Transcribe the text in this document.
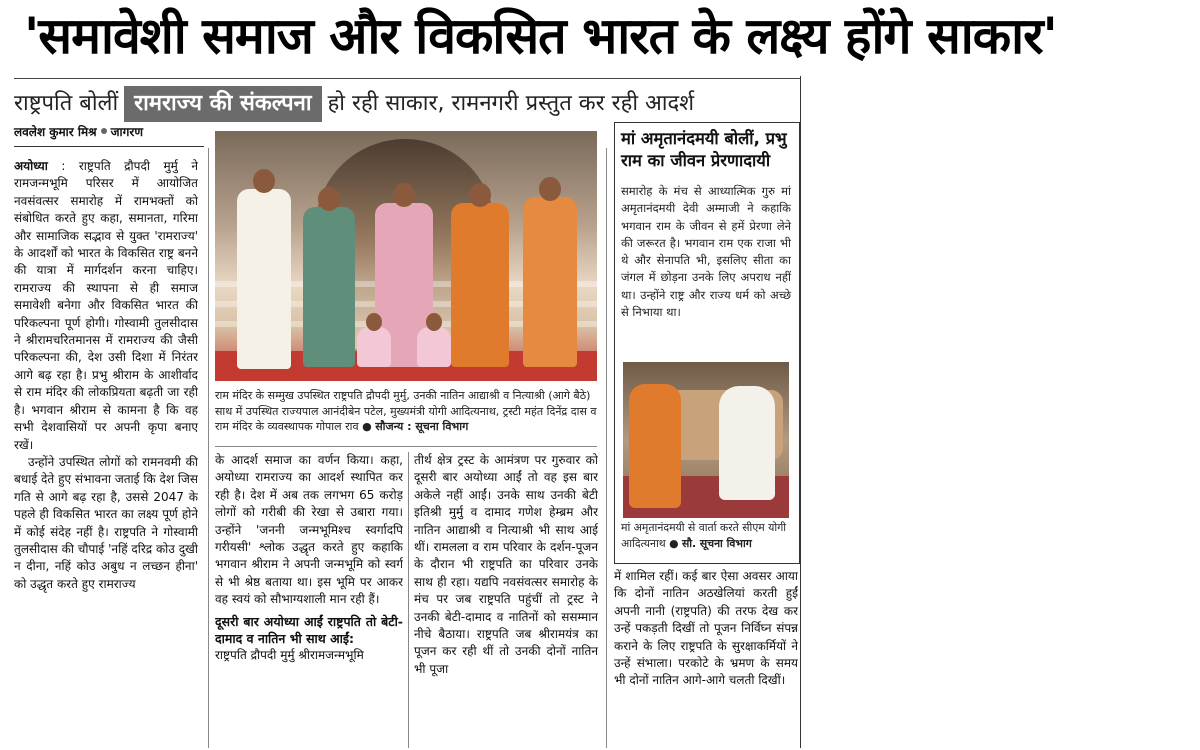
'समावेशी समाज और विकसित भारत के लक्ष्य होंगे साकार'
राष्ट्रपति बोलीं रामराज्य की संकल्पना हो रही साकार, रामनगरी प्रस्तुत कर रही आदर्श
लवलेश कुमार मिश्र जागरण

अयोध्या : राष्ट्रपति द्रौपदी मुर्मु ने रामजन्मभूमि परिसर में आयोजित नवसंवत्सर समारोह में रामभक्तों को संबोधित करते हुए कहा, समानता, गरिमा और सामाजिक सद्भाव से युक्त 'रामराज्य' के आदर्शों को भारत के विकसित राष्ट्र बनने की यात्रा में मार्गदर्शन करना चाहिए। रामराज्य की स्थापना से ही समाज समावेशी बनेगा और विकसित भारत की परिकल्पना पूर्ण होगी। गोस्वामी तुलसीदास ने श्रीरामचरितमानस में रामराज्य की जैसी परिकल्पना की, देश उसी दिशा में निरंतर आगे बढ़ रहा है। प्रभु श्रीराम के आशीर्वाद से राम मंदिर की लोकप्रियता बढ़ती जा रही है। भगवान श्रीराम से कामना है कि वह सभी देशवासियों पर अपनी कृपा बनाए रखें।

उन्होंने उपस्थित लोगों को रामनवमी की बधाई देते हुए संभावना जताई कि देश जिस गति से आगे बढ़ रहा है, उससे 2047 के पहले ही विकसित भारत का लक्ष्य पूर्ण होने में कोई संदेह नहीं है। राष्ट्रपति ने गोस्वामी तुलसीदास की चौपाई 'नहिं दरिद्र कोउ दुखी न दीना, नहिं कोउ अबुध न लच्छन हीना' को उद्धृत करते हुए रामराज्य

राम मंदिर के सम्मुख उपस्थित राष्ट्रपति द्रौपदी मुर्मु, उनकी नातिन आद्याश्री व नित्याश्री (आगे बैठे) साथ में उपस्थित राज्यपाल आनंदीबेन पटेल, मुख्यमंत्री योगी आदित्यनाथ, ट्रस्टी महंत दिनेंद्र दास व राम मंदिर के व्यवस्थापक गोपाल राव ● सौजन्य : सूचना विभाग

के आदर्श समाज का वर्णन किया। कहा, अयोध्या रामराज्य का आदर्श स्थापित कर रही है। देश में अब तक लगभग 65 करोड़ लोगों को गरीबी की रेखा से उबारा गया। उन्होंने 'जननी जन्मभूमिश्च स्वर्गादपि गरीयसी' श्लोक उद्धृत करते हुए कहाकि भगवान श्रीराम ने अपनी जन्मभूमि को स्वर्ग से भी श्रेष्ठ बताया था। इस भूमि पर आकर वह स्वयं को सौभाग्यशाली मान रही हैं।

दूसरी बार अयोध्या आईं राष्ट्रपति तो बेटी-दामाद व नातिन भी साथ आईं:

राष्ट्रपति द्रौपदी मुर्मु श्रीरामजन्मभूमि

तीर्थ क्षेत्र ट्रस्ट के आमंत्रण पर गुरुवार को दूसरी बार अयोध्या आईं तो वह इस बार अकेले नहीं आईं। उनके साथ उनकी बेटी इतिश्री मुर्मु व दामाद गणेश हेम्ब्रम और नातिन आद्याश्री व नित्याश्री भी साथ आई थीं। रामलला व राम परिवार के दर्शन-पूजन के दौरान भी राष्ट्रपति का परिवार उनके साथ ही रहा। यद्यपि नवसंवत्सर समारोह के मंच पर जब राष्ट्रपति पहुंचीं तो ट्रस्ट ने उनकी बेटी-दामाद व नातिनों को ससम्मान नीचे बैठाया। राष्ट्रपति जब श्रीरामयंत्र का पूजन कर रही थीं तो उनकी दोनों नातिन भी पूजा

मां अमृतानंदमयी बोलीं, प्रभु राम का जीवन प्रेरणादायी
समारोह के मंच से आध्यात्मिक गुरु मां अमृतानंदमयी देवी अम्माजी ने कहाकि भगवान राम के जीवन से हमें प्रेरणा लेने की जरूरत है। भगवान राम एक राजा भी थे और सेनापति भी, इसलिए सीता का जंगल में छोड़ना उनके लिए अपराध नहीं था। उन्होंने राष्ट्र और राज्य धर्म को अच्छे से निभाया था।
मां अमृतानंदमयी से वार्ता करते सीएम योगी आदित्यनाथ ● सौ. सूचना विभाग

में शामिल रहीं। कई बार ऐसा अवसर आया कि दोनों नातिन अठखेलियां करती हुईं अपनी नानी (राष्ट्रपति) की तरफ देख कर उन्हें पकड़ती दिखीं तो पूजन निर्विघ्न संपन्न कराने के लिए राष्ट्रपति के सुरक्षाकर्मियों ने उन्हें संभाला। परकोटे के भ्रमण के समय भी दोनों नातिन आगे-आगे चलती दिखीं।
